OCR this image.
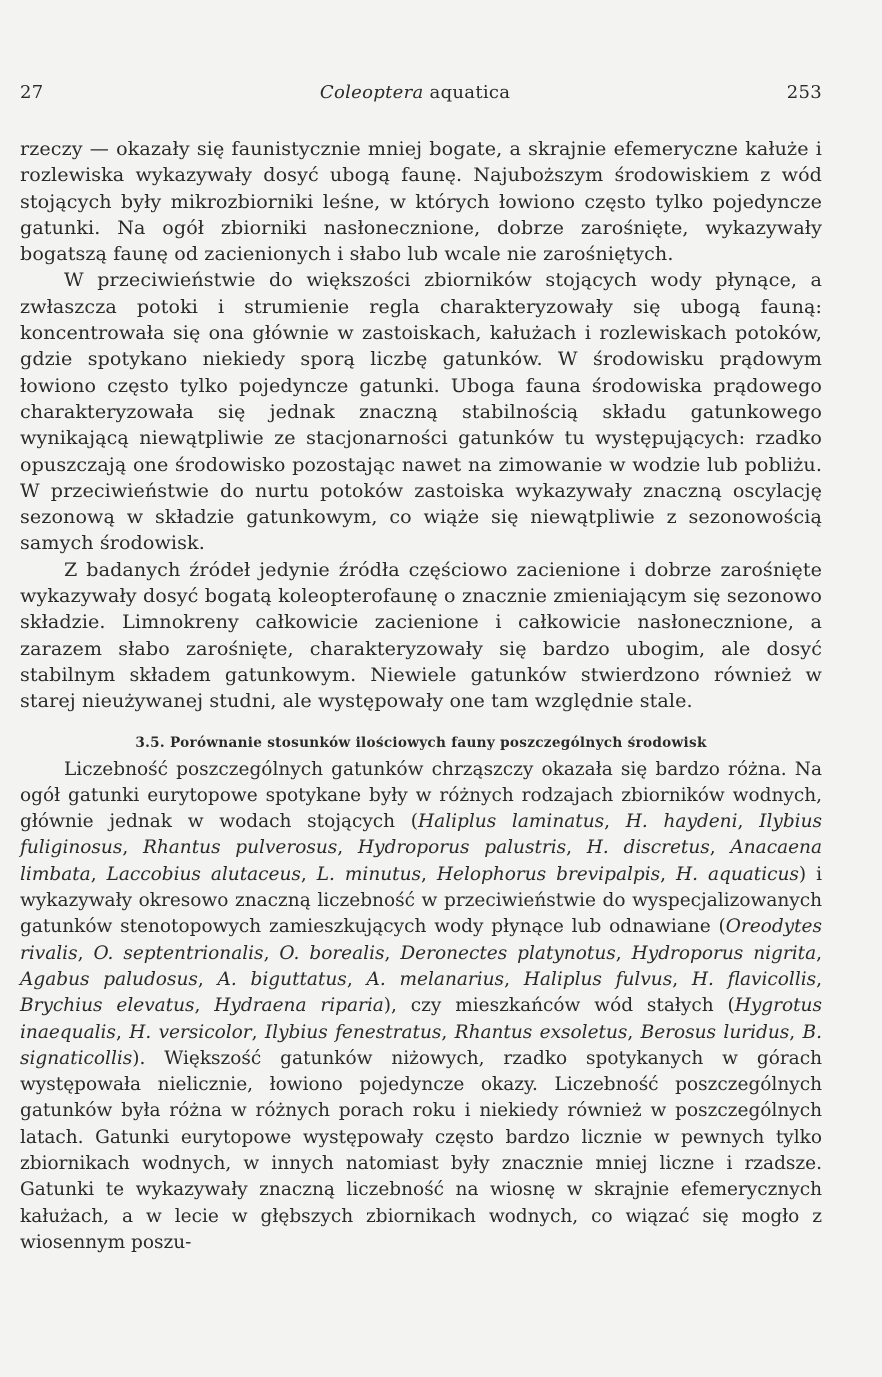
27	Coleoptera aquatica	253

rzeczy — okazały się faunistycznie mniej bogate, a skrajnie efemeryczne kałuże i rozlewiska wykazywały dosyć ubogą faunę. Najuboższym środowiskiem z wód stojących były mikrozbiorniki leśne, w których łowiono często tylko pojedyncze gatunki. Na ogół zbiorniki nasłonecznione, dobrze zarośnięte, wykazywały bogatszą faunę od zacienionych i słabo lub wcale nie zarośniętych.

W przeciwieństwie do większości zbiorników stojących wody płynące, a zwłaszcza potoki i strumienie regla charakteryzowały się ubogą fauną: koncentrowała się ona głównie w zastoiskach, kałużach i rozlewiskach potoków, gdzie spotykano niekiedy sporą liczbę gatunków. W środowisku prądowym łowiono często tylko pojedyncze gatunki. Uboga fauna środowiska prądowego charakteryzowała się jednak znaczną stabilnością składu gatunkowego wynikającą niewątpliwie ze stacjonarności gatunków tu występujących: rzadko opuszczają one środowisko pozostając nawet na zimowanie w wodzie lub pobliżu. W przeciwieństwie do nurtu potoków zastoiska wykazywały znaczną oscylację sezonową w składzie gatunkowym, co wiąże się niewątpliwie z sezonowością samych środowisk.

Z badanych źródeł jedynie źródła częściowo zacienione i dobrze zarośnięte wykazywały dosyć bogatą koleopterofaunę o znacznie zmieniającym się sezonowo składzie. Limnokreny całkowicie zacienione i całkowicie nasłonecznione, a zarazem słabo zarośnięte, charakteryzowały się bardzo ubogim, ale dosyć stabilnym składem gatunkowym. Niewiele gatunków stwierdzono również w starej nieużywanej studni, ale występowały one tam względnie stale.

3.5. Porównanie stosunków ilościowych fauny poszczególnych środowisk

Liczebność poszczególnych gatunków chrząszczy okazała się bardzo różna. Na ogół gatunki eurytopowe spotykane były w różnych rodzajach zbiorników wodnych, głównie jednak w wodach stojących (Haliplus laminatus, H. haydeni, Ilybius fuliginosus, Rhantus pulverosus, Hydroporus palustris, H. discretus, Anacaena limbata, Laccobius alutaceus, L. minutus, Helophorus brevipalpis, H. aquaticus) i wykazywały okresowo znaczną liczebność w przeciwieństwie do wyspecjalizowanych gatunków stenotopowych zamieszkujących wody płynące lub odnawiane (Oreodytes rivalis, O. septentrionalis, O. borealis, Deronectes platynotus, Hydroporus nigrita, Agabus paludosus, A. biguttatus, A. melanarius, Haliplus fulvus, H. flavicollis, Brychius elevatus, Hydraena riparia), czy mieszkańców wód stałych (Hygrotus inaequalis, H. versicolor, Ilybius fenestratus, Rhantus exsoletus, Berosus luridus, B. signaticollis). Większość gatunków niżowych, rzadko spotykanych w górach występowała nielicznie, łowiono pojedyncze okazy. Liczebność poszczególnych gatunków była różna w różnych porach roku i niekiedy również w poszczególnych latach. Gatunki eurytopowe występowały często bardzo licznie w pewnych tylko zbiornikach wodnych, w innych natomiast były znacznie mniej liczne i rzadsze. Gatunki te wykazywały znaczną liczebność na wiosnę w skrajnie efemerycznych kałużach, a w lecie w głębszych zbiornikach wodnych, co wiązać się mogło z wiosennym poszu-
